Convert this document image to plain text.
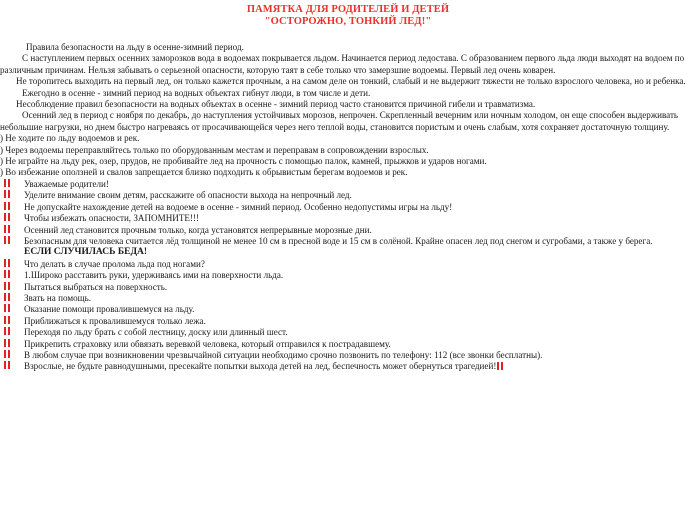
ПАМЯТКА ДЛЯ РОДИТЕЛЕЙ И ДЕТЕЙ
"ОСТОРОЖНО, ТОНКИЙ ЛЕД!"

Правила безопасности на льду в осенне-зимний период.

С наступлением первых осенних заморозков вода в водоемах покрывается льдом. Начинается период ледостава. С образованием первого льда люди выходят на водоем по различным причинам. Нельзя забывать о серьезной опасности, которую таят в себе только что замерзшие водоемы. Первый лед очень коварен.

Не торопитесь выходить на первый лед, он только кажется прочным, а на самом деле он тонкий, слабый и не выдержит тяжести не только взрослого человека, но и ребенка.

Ежегодно в осенне - зимний период на водных объектах гибнут люди, в том числе и дети.

Несоблюдение правил безопасности на водных объектах в осенне - зимний период часто становится причиной гибели и травматизма.

Осенний лед в период с ноября по декабрь, до наступления устойчивых морозов, непрочен. Скрепленный вечерним или ночным холодом, он еще способен выдерживать небольшие нагрузки, но днем быстро нагреваясь от просачивающейся через него теплой воды, становится пористым и очень слабым, хотя сохраняет достаточную толщину.

) Не ходите по льду водоемов и рек.

) Через водоемы переправляйтесь только по оборудованным местам и переправам в сопровождении взрослых.

) Не играйте на льду рек, озер, прудов, не пробивайте лед на прочность с помощью палок, камней, прыжков и ударов ногами.

) Во избежание оползней и свалов запрещается близко подходить к обрывистым берегам водоемов и рек.

Уважаемые родители!
Уделите внимание своим детям, расскажите об опасности выхода на непрочный лед.
Не допускайте нахождение детей на водоеме в осенне - зимний период. Особенно недопустимы игры на льду!
Чтобы избежать опасности, ЗАПОМНИТЕ!!!
Осенний лед становится прочным только, когда установятся непрерывные морозные дни.
Безопасным для человека считается лёд толщиной не менее 10 см в пресной воде и 15 см в солёной. Крайне опасен лед под снегом и сугробами, а также у берега.
ЕСЛИ СЛУЧИЛАСЬ БЕДА!
Что делать в случае пролома льда под ногами?
1.Широко расставить руки, удерживаясь ими на поверхности льда.
Пытаться выбраться на поверхность.
Звать на помощь.
Оказание помощи провалившемуся на льду.
Приближаться к провалившемуся только лежа.
Переходя по льду брать с собой лестницу, доску или длинный шест.
Прикрепить страховку или обвязать веревкой человека, который отправился к пострадавшему.
В любом случае при возникновении чрезвычайной ситуации необходимо срочно позвонить по телефону: 112 (все звонки бесплатны).
Взрослые, не будьте равнодушными, пресекайте попытки выхода детей на лед, беспечность может обернуться трагедией!
